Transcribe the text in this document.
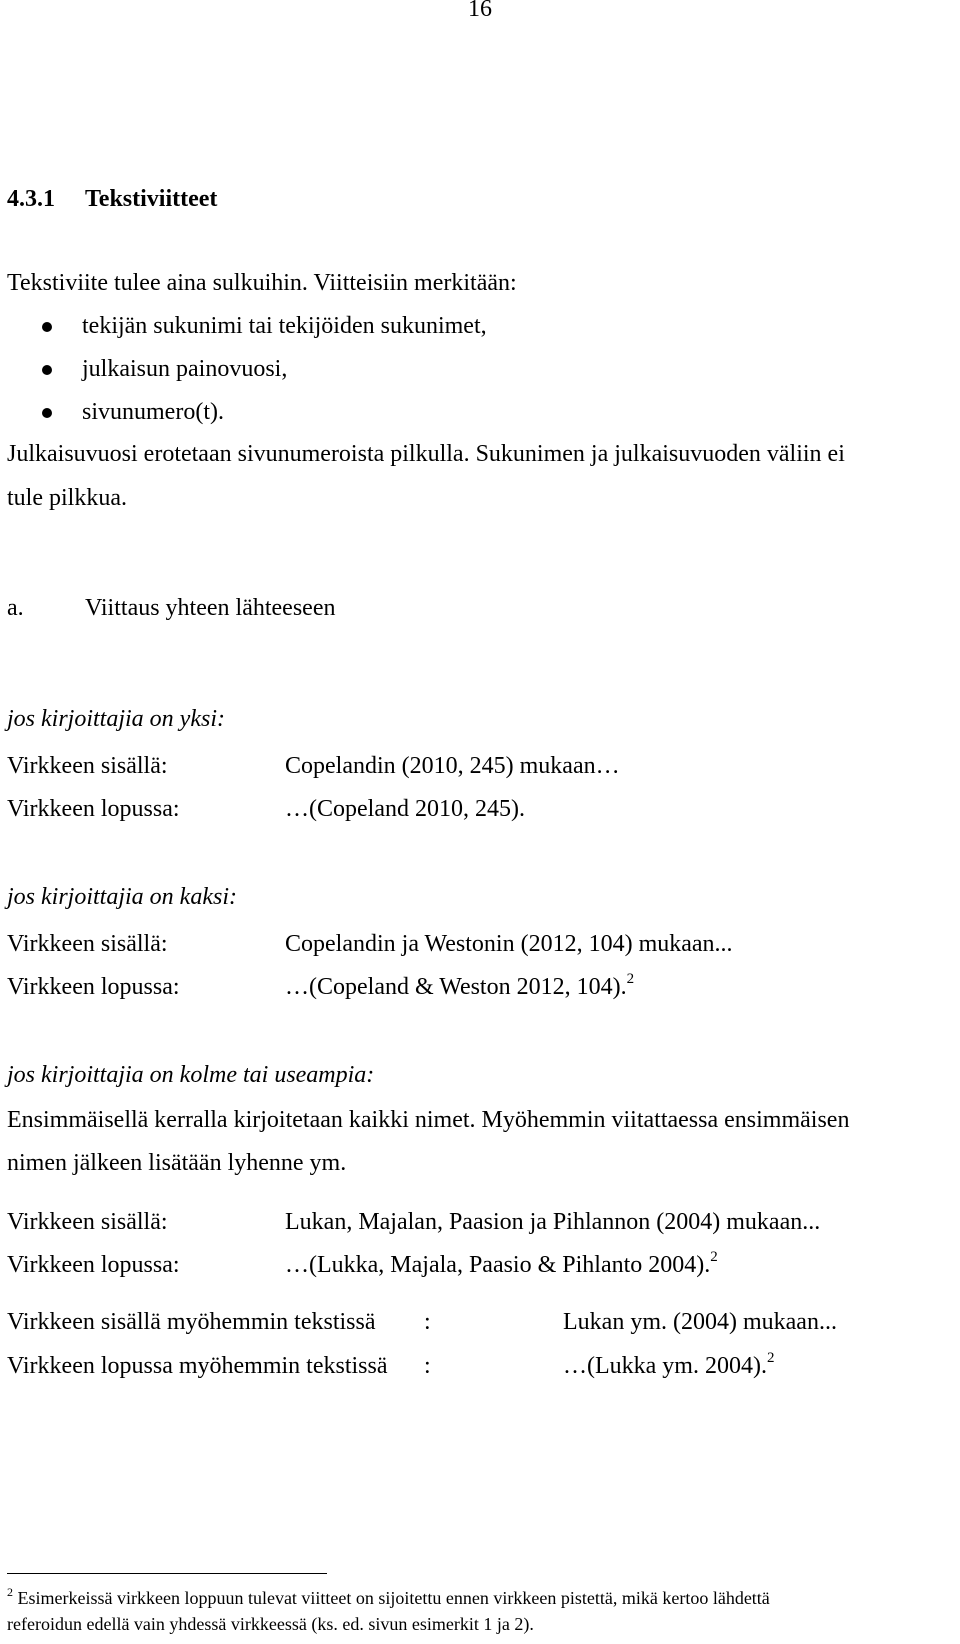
16
4.3.1 Tekstiviitteet
Tekstiviite tulee aina sulkuihin. Viitteisiin merkitään:
tekijän sukunimi tai tekijöiden sukunimet,
julkaisun painovuosi,
sivunumero(t).
Julkaisuvuosi erotetaan sivunumeroista pilkulla. Sukunimen ja julkaisuvuoden väliin ei
tule pilkkua.
a.	Viittaus yhteen lähteeseen
jos kirjoittajia on yksi:
Virkkeen sisällä:	Copelandin (2010, 245) mukaan…
Virkkeen lopussa:	…(Copeland 2010, 245).
jos kirjoittajia on kaksi:
Virkkeen sisällä:	Copelandin ja Westonin (2012, 104) mukaan...
Virkkeen lopussa:	…(Copeland & Weston 2012, 104).$^2$
jos kirjoittajia on kolme tai useampia:
Ensimmäisellä kerralla kirjoitetaan kaikki nimet. Myöhemmin viitattaessa ensimmäisen
nimen jälkeen lisätään lyhenne ym.
Virkkeen sisällä:	Lukan, Majalan, Paasion ja Pihlannon (2004) mukaan...
Virkkeen lopussa:	…(Lukka, Majala, Paasio & Pihlanto 2004).$^2$
Virkkeen sisällä myöhemmin tekstissä :	Lukan ym. (2004) mukaan...
Virkkeen lopussa myöhemmin tekstissä :	…(Lukka ym. 2004).$^2$
$^2$ Esimerkeissä virkkeen loppuun tulevat viitteet on sijoitettu ennen virkkeen pistettä, mikä kertoo lähdettä
referoidun edellä vain yhdessä virkkeessä (ks. ed. sivun esimerkit 1 ja 2).
